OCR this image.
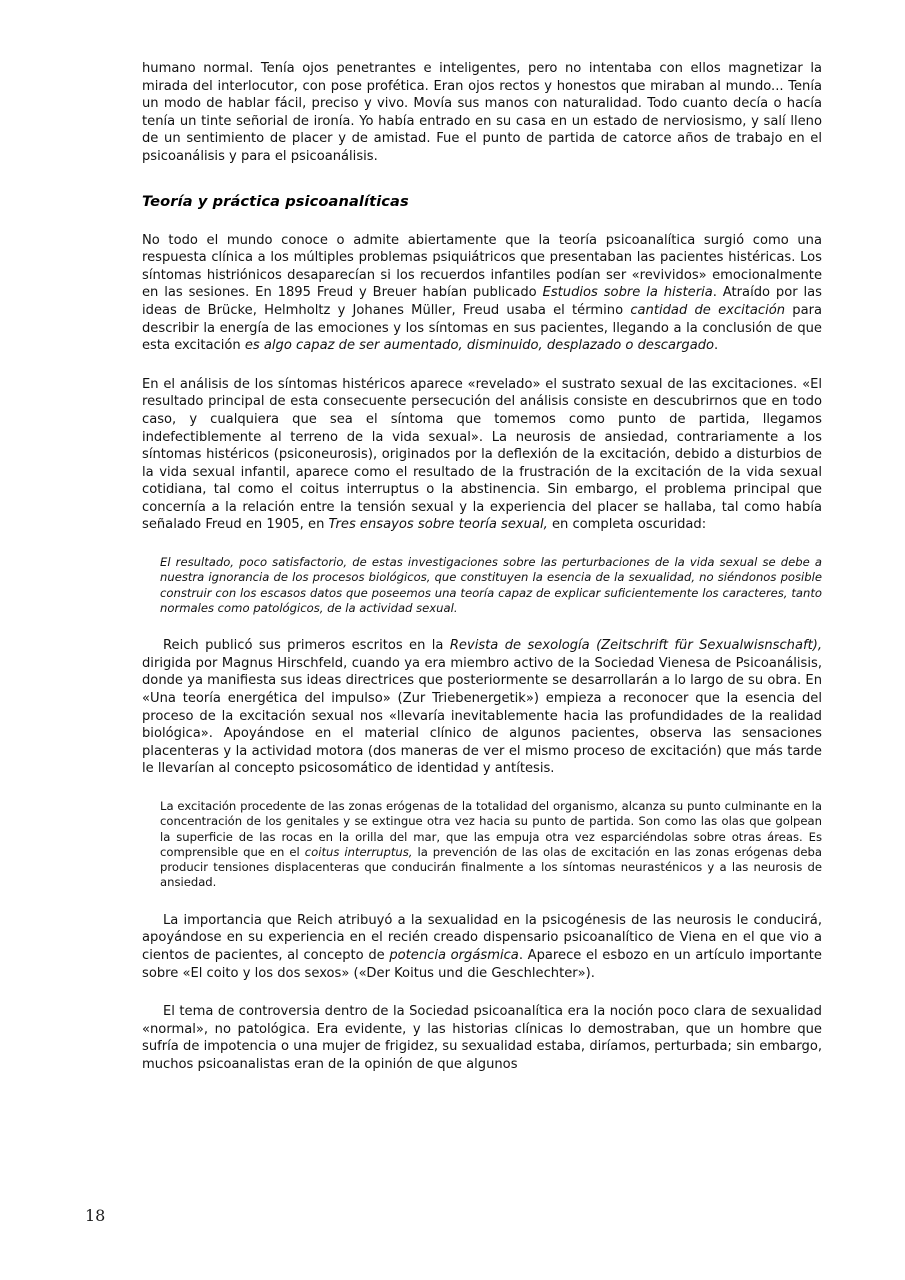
humano normal. Tenía ojos penetrantes e inteligentes, pero no intentaba con ellos magnetizar la mirada del interlocutor, con pose profética. Eran ojos rectos y honestos que miraban al mundo... Tenía un modo de hablar fácil, preciso y vivo. Movía sus manos con naturalidad. Todo cuanto decía o hacía tenía un tinte señorial de ironía. Yo había entrado en su casa en un estado de nerviosismo, y salí lleno de un sentimiento de placer y de amistad. Fue el punto de partida de catorce años de trabajo en el psicoanálisis y para el psicoanálisis.

Teoría y práctica psicoanalíticas

No todo el mundo conoce o admite abiertamente que la teoría psicoanalítica surgió como una respuesta clínica a los múltiples problemas psiquiátricos que presentaban las pacientes histéricas. Los síntomas histriónicos desaparecían si los recuerdos infantiles podían ser «revividos» emocionalmente en las sesiones. En 1895 Freud y Breuer habían publicado Estudios sobre la histeria. Atraído por las ideas de Brücke, Helmholtz y Johanes Müller, Freud usaba el término cantidad de excitación para describir la energía de las emociones y los síntomas en sus pacientes, llegando a la conclusión de que esta excitación es algo capaz de ser aumentado, disminuido, desplazado o descargado.

En el análisis de los síntomas histéricos aparece «revelado» el sustrato sexual de las excitaciones. «El resultado principal de esta consecuente persecución del análisis consiste en descubrirnos que en todo caso, y cualquiera que sea el síntoma que tomemos como punto de partida, llegamos indefectiblemente al terreno de la vida sexual». La neurosis de ansiedad, contrariamente a los síntomas histéricos (psiconeurosis), originados por la deflexión de la excitación, debido a disturbios de la vida sexual infantil, aparece como el resultado de la frustración de la excitación de la vida sexual cotidiana, tal como el coitus interruptus o la abstinencia. Sin embargo, el problema principal que concernía a la relación entre la tensión sexual y la experiencia del placer se hallaba, tal como había señalado Freud en 1905, en Tres ensayos sobre teoría sexual, en completa oscuridad:

El resultado, poco satisfactorio, de estas investigaciones sobre las perturbaciones de la vida sexual se debe a nuestra ignorancia de los procesos biológicos, que constituyen la esencia de la sexualidad, no siéndonos posible construir con los escasos datos que poseemos una teoría capaz de explicar suficientemente los caracteres, tanto normales como patológicos, de la actividad sexual.

Reich publicó sus primeros escritos en la Revista de sexología (Zeitschrift für Sexualwisnschaft), dirigida por Magnus Hirschfeld, cuando ya era miembro activo de la Sociedad Vienesa de Psicoanálisis, donde ya manifiesta sus ideas directrices que posteriormente se desarrollarán a lo largo de su obra. En «Una teoría energética del impulso» (Zur Triebenergetik») empieza a reconocer que la esencia del proceso de la excitación sexual nos «llevaría inevitablemente hacia las profundidades de la realidad biológica». Apoyándose en el material clínico de algunos pacientes, observa las sensaciones placenteras y la actividad motora (dos maneras de ver el mismo proceso de excitación) que más tarde le llevarían al concepto psicosomático de identidad y antítesis.

La excitación procedente de las zonas erógenas de la totalidad del organismo, alcanza su punto culminante en la concentración de los genitales y se extingue otra vez hacia su punto de partida. Son como las olas que golpean la superficie de las rocas en la orilla del mar, que las empuja otra vez esparciéndolas sobre otras áreas. Es comprensible que en el coitus interruptus, la prevención de las olas de excitación en las zonas erógenas deba producir tensiones displacenteras que conducirán finalmente a los síntomas neurasténicos y a las neurosis de ansiedad.

La importancia que Reich atribuyó a la sexualidad en la psicogénesis de las neurosis le conducirá, apoyándose en su experiencia en el recién creado dispensario psicoanalítico de Viena en el que vio a cientos de pacientes, al concepto de potencia orgásmica. Aparece el esbozo en un artículo importante sobre «El coito y los dos sexos» («Der Koitus und die Geschlechter»).

El tema de controversia dentro de la Sociedad psicoanalítica era la noción poco clara de sexualidad «normal», no patológica. Era evidente, y las historias clínicas lo demostraban, que un hombre que sufría de impotencia o una mujer de frigidez, su sexualidad estaba, diríamos, perturbada; sin embargo, muchos psicoanalistas eran de la opinión de que algunos

18
